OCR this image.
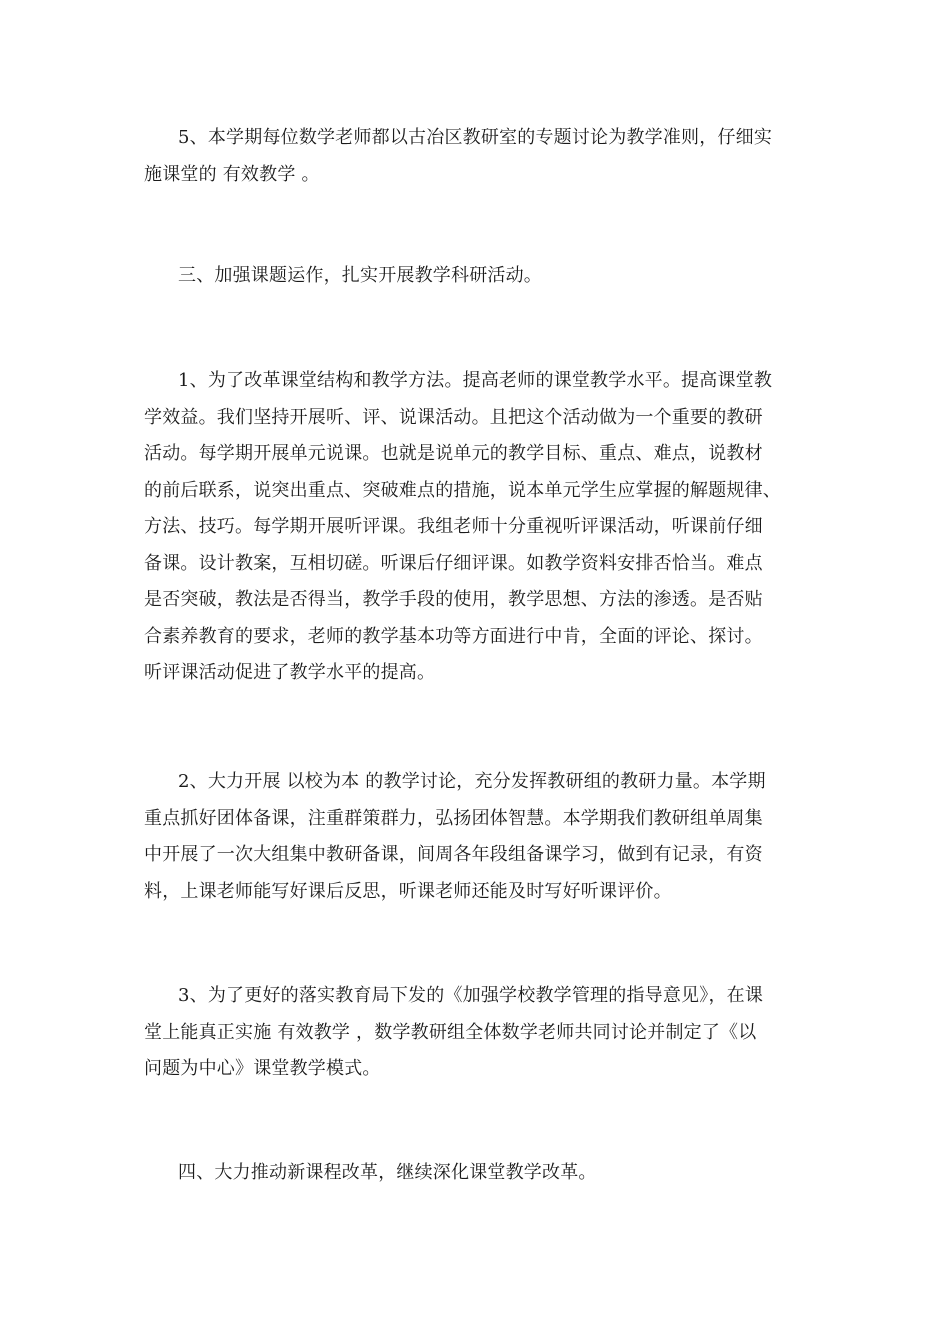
5、本学期每位数学老师都以古冶区教研室的专题讨论为教学准则，仔细实
施课堂的 有效教学 。
三、加强课题运作，扎实开展教学科研活动。
1、为了改革课堂结构和教学方法。提高老师的课堂教学水平。提高课堂教
学效益。我们坚持开展听、评、说课活动。且把这个活动做为一个重要的教研
活动。每学期开展单元说课。也就是说单元的教学目标、重点、难点，说教材
的前后联系，说突出重点、突破难点的措施，说本单元学生应掌握的解题规律、
方法、技巧。每学期开展听评课。我组老师十分重视听评课活动，听课前仔细
备课。设计教案，互相切磋。听课后仔细评课。如教学资料安排否恰当。难点
是否突破，教法是否得当，教学手段的使用，教学思想、方法的渗透。是否贴
合素养教育的要求，老师的教学基本功等方面进行中肯，全面的评论、探讨。
听评课活动促进了教学水平的提高。
2、大力开展 以校为本 的教学讨论，充分发挥教研组的教研力量。本学期
重点抓好团体备课，注重群策群力，弘扬团体智慧。本学期我们教研组单周集
中开展了一次大组集中教研备课，间周各年段组备课学习，做到有记录，有资
料，上课老师能写好课后反思，听课老师还能及时写好听课评价。
3、为了更好的落实教育局下发的《加强学校教学管理的指导意见》，在课
堂上能真正实施 有效教学 ，数学教研组全体数学老师共同讨论并制定了《以
问题为中心》课堂教学模式。
四、大力推动新课程改革，继续深化课堂教学改革。
